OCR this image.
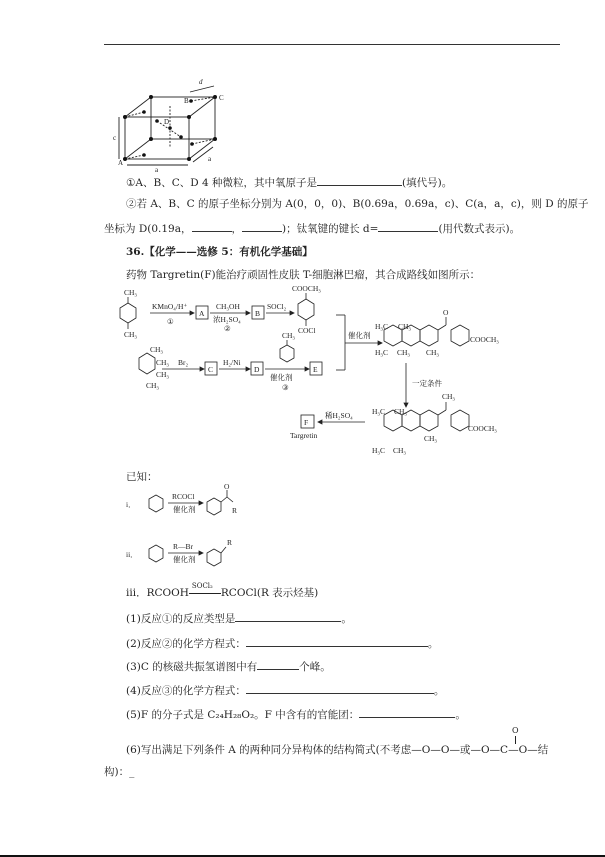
A
B	C
D
a
a
c
d
①A、B、C、D 4 种微粒，其中氧原子是	(填代号)。
②若 A、B、C 的原子坐标分别为 A(0，0，0)、B(0.69a，0.69a，c)、C(a，a，c)，则 D 的原子
坐标为 D(0.19a，	，	)；钛氧键的键长 d=	(用代数式表示)。
36.【化学——选修 5：有机化学基础】
药物 Targretin(F)能治疗顽固性皮肤 T-细胞淋巴瘤，其合成路线如图所示：
CH₃
CH₃
KMnO₄/H⁺
①
A
CH₃OH
浓H₂SO₄
②
B
SOCl₂
COOCH₃
COCl
催化剂
CH₃
CH₃
CH₃
CH₃
Br₂
C
H₂/Ni
D
CH₃
催化剂
③
E
H₃C CH₃
O
CH₃
COOCH₃
H₃C CH₃
一定条件
H₃C CH₃
CH₃
CH₃
COOCH₃
H₃C CH₃
稀H₂SO₄
F
Targretin
已知：
i．
RCOCl
催化剂
O
R
ii．
R—Br
催化剂
R
iii．RCOOH
SOCl₂
RCOCl(R 表示烃基)
(1)反应①的反应类型是	。
(2)反应②的化学方程式：	。
(3)C 的核磁共振氢谱图中有	个峰。
(4)反应③的化学方程式：	。
(5)F 的分子式是 C₂₄H₂₈O₂。F 中含有的官能团：	。
O
(6)写出满足下列条件 A 的两种同分异构体的结构简式(不考虑—O—O—或—O—C—O—结
构)：_
